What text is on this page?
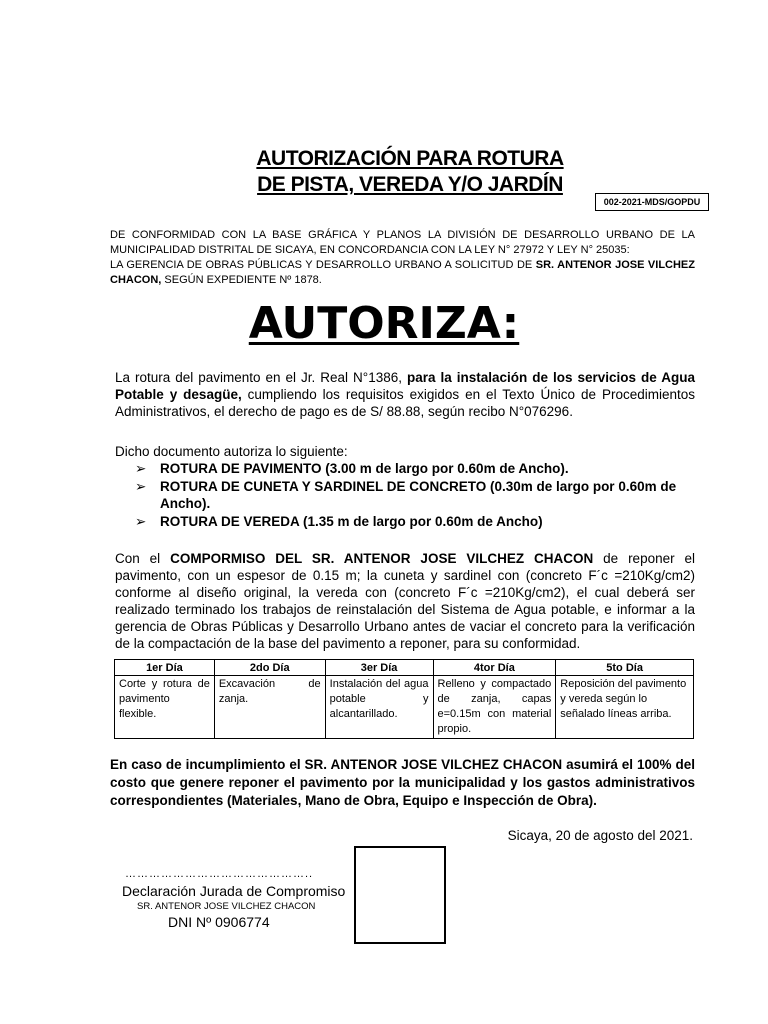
AUTORIZACIÓN PARA ROTURA
DE PISTA, VEREDA Y/O JARDÍN
002-2021-MDS/GOPDU
DE CONFORMIDAD CON LA BASE GRÁFICA Y PLANOS LA DIVISIÓN DE DESARROLLO URBANO DE LA MUNICIPALIDAD DISTRITAL DE SICAYA, EN CONCORDANCIA CON LA LEY N° 27972 Y LEY N° 25035:
LA GERENCIA DE OBRAS PÚBLICAS Y DESARROLLO URBANO A SOLICITUD DE SR. ANTENOR JOSE VILCHEZ CHACON, SEGÚN EXPEDIENTE Nº 1878.
AUTORIZA:
La rotura del pavimento en el Jr. Real N°1386, para la instalación de los servicios de Agua Potable y desagüe, cumpliendo los requisitos exigidos en el Texto Único de Procedimientos Administrativos, el derecho de pago es de S/ 88.88, según recibo N°076296.
Dicho documento autoriza lo siguiente:
➢ ROTURA DE PAVIMENTO (3.00 m de largo por 0.60m de Ancho).
➢ ROTURA DE CUNETA Y SARDINEL DE CONCRETO (0.30m de largo por 0.60m de Ancho).
➢ ROTURA DE VEREDA (1.35 m de largo por 0.60m de Ancho)
Con el COMPORMISO DEL SR. ANTENOR JOSE VILCHEZ CHACON de reponer el pavimento, con un espesor de 0.15 m; la cuneta y sardinel con (concreto F´c =210Kg/cm2) conforme al diseño original, la vereda con (concreto F´c =210Kg/cm2), el cual deberá ser realizado terminado los trabajos de reinstalación del Sistema de Agua potable, e informar a la gerencia de Obras Públicas y Desarrollo Urbano antes de vaciar el concreto para la verificación de la compactación de la base del pavimento a reponer, para su conformidad.
1er Día	2do Día	3er Día	4tor Día	5to Día
Corte y rotura de pavimento flexible.	Excavación de zanja.	Instalación del agua potable y alcantarillado.	Relleno y compactado de zanja, capas e=0.15m con material propio.	Reposición del pavimento y vereda según lo señalado líneas arriba.
En caso de incumplimiento el SR. ANTENOR JOSE VILCHEZ CHACON asumirá el 100% del costo que genere reponer el pavimento por la municipalidad y los gastos administrativos correspondientes (Materiales, Mano de Obra, Equipo e Inspección de Obra).
Sicaya, 20 de agosto del 2021.
………………………………………..
Declaración Jurada de Compromiso
SR. ANTENOR JOSE VILCHEZ CHACON
DNI Nº 0906774
